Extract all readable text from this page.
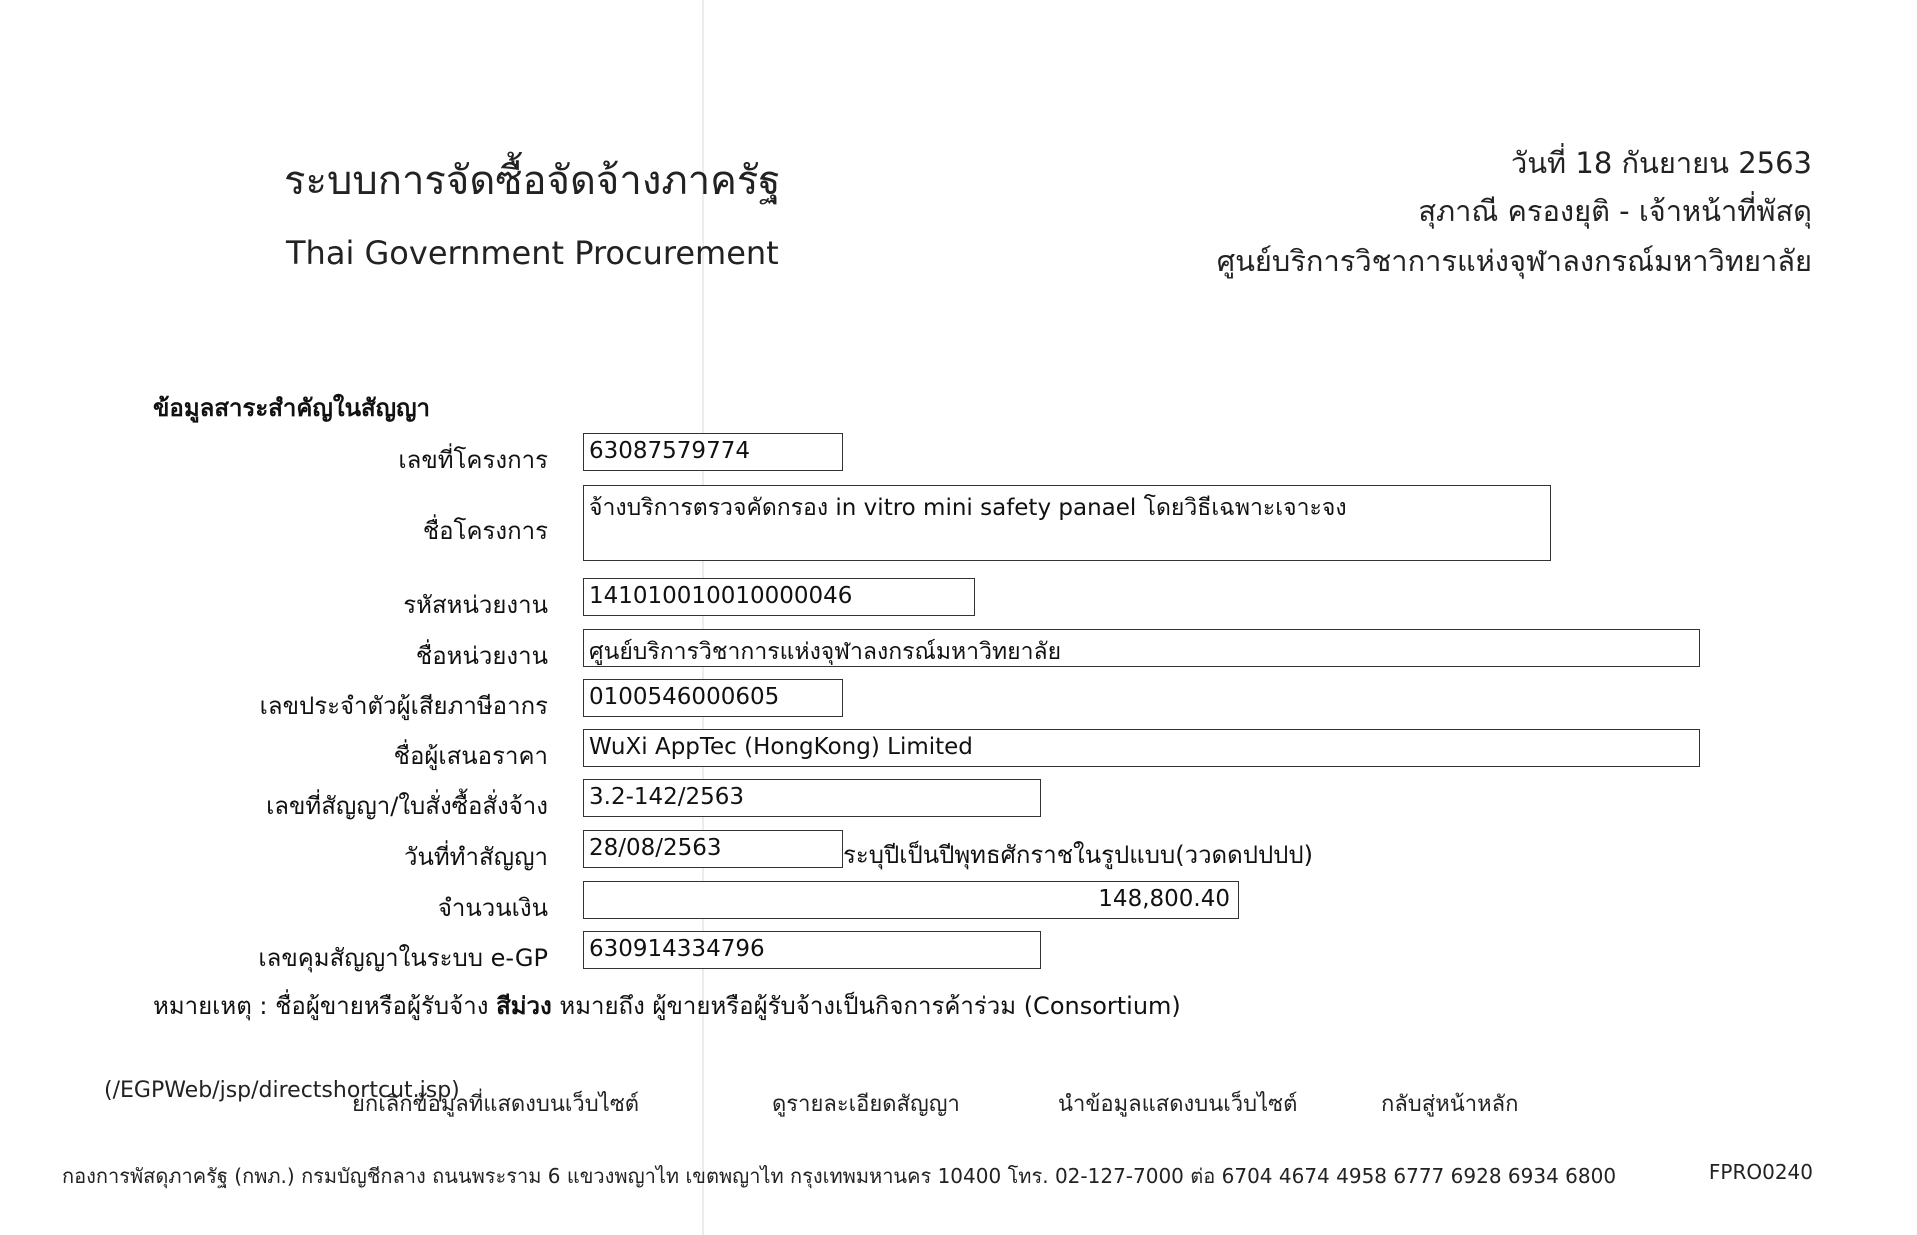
ระบบการจัดซื้อจัดจ้างภาครัฐ
Thai Government Procurement
วันที่ 18 กันยายน 2563
สุภาณี ครองยุติ - เจ้าหน้าที่พัสดุ
ศูนย์บริการวิชาการแห่งจุฬาลงกรณ์มหาวิทยาลัย
ข้อมูลสาระสำคัญในสัญญา
เลขที่โครงการ 630875797​74
ชื่อโครงการ
จ้างบริการตรวจคัดกรอง in vitro mini safety panael โดยวิธีเฉพาะเจาะจง
รหัสหน่วยงาน 1410100100100000​46
ชื่อหน่วยงาน ศูนย์บริการวิชาการแห่งจุฬาลงกรณ์มหาวิทยาลัย
เลขประจำตัวผู้เสียภาษีอากร 0100546000605
ชื่อผู้เสนอราคา WuXi AppTec (HongKong) Limited
เลขที่สัญญา/ใบสั่งซื้อสั่งจ้าง 3.2-142/2563
วันที่ทำสัญญา 28/08/2563	ระบุปีเป็นปีพุทธศักราชในรูปแบบ(ววดดปปปป)
จำนวนเงิน	148,800.40
เลขคุมสัญญาในระบบ e-GP 630914334796
หมายเหตุ : ชื่อผู้ขายหรือผู้รับจ้าง สีม่วง หมายถึง ผู้ขายหรือผู้รับจ้างเป็นกิจการค้าร่วม (Consortium)
(/EGPWeb/jsp/directshortcut.jsp)
ยกเลิกข้อมูลที่แสดงบนเว็บไซต์	ดูรายละเอียดสัญญา	นำข้อมูลแสดงบนเว็บไซต์	กลับสู่หน้าหลัก
กองการพัสดุภาครัฐ (กพภ.) กรมบัญชีกลาง ถนนพระราม 6 แขวงพญาไท เขตพญาไท กรุงเทพมหานคร 10400 โทร. 02-127-7000 ต่อ 6704 4674 4958 6777 6928 6934 6800	FPRO0240
